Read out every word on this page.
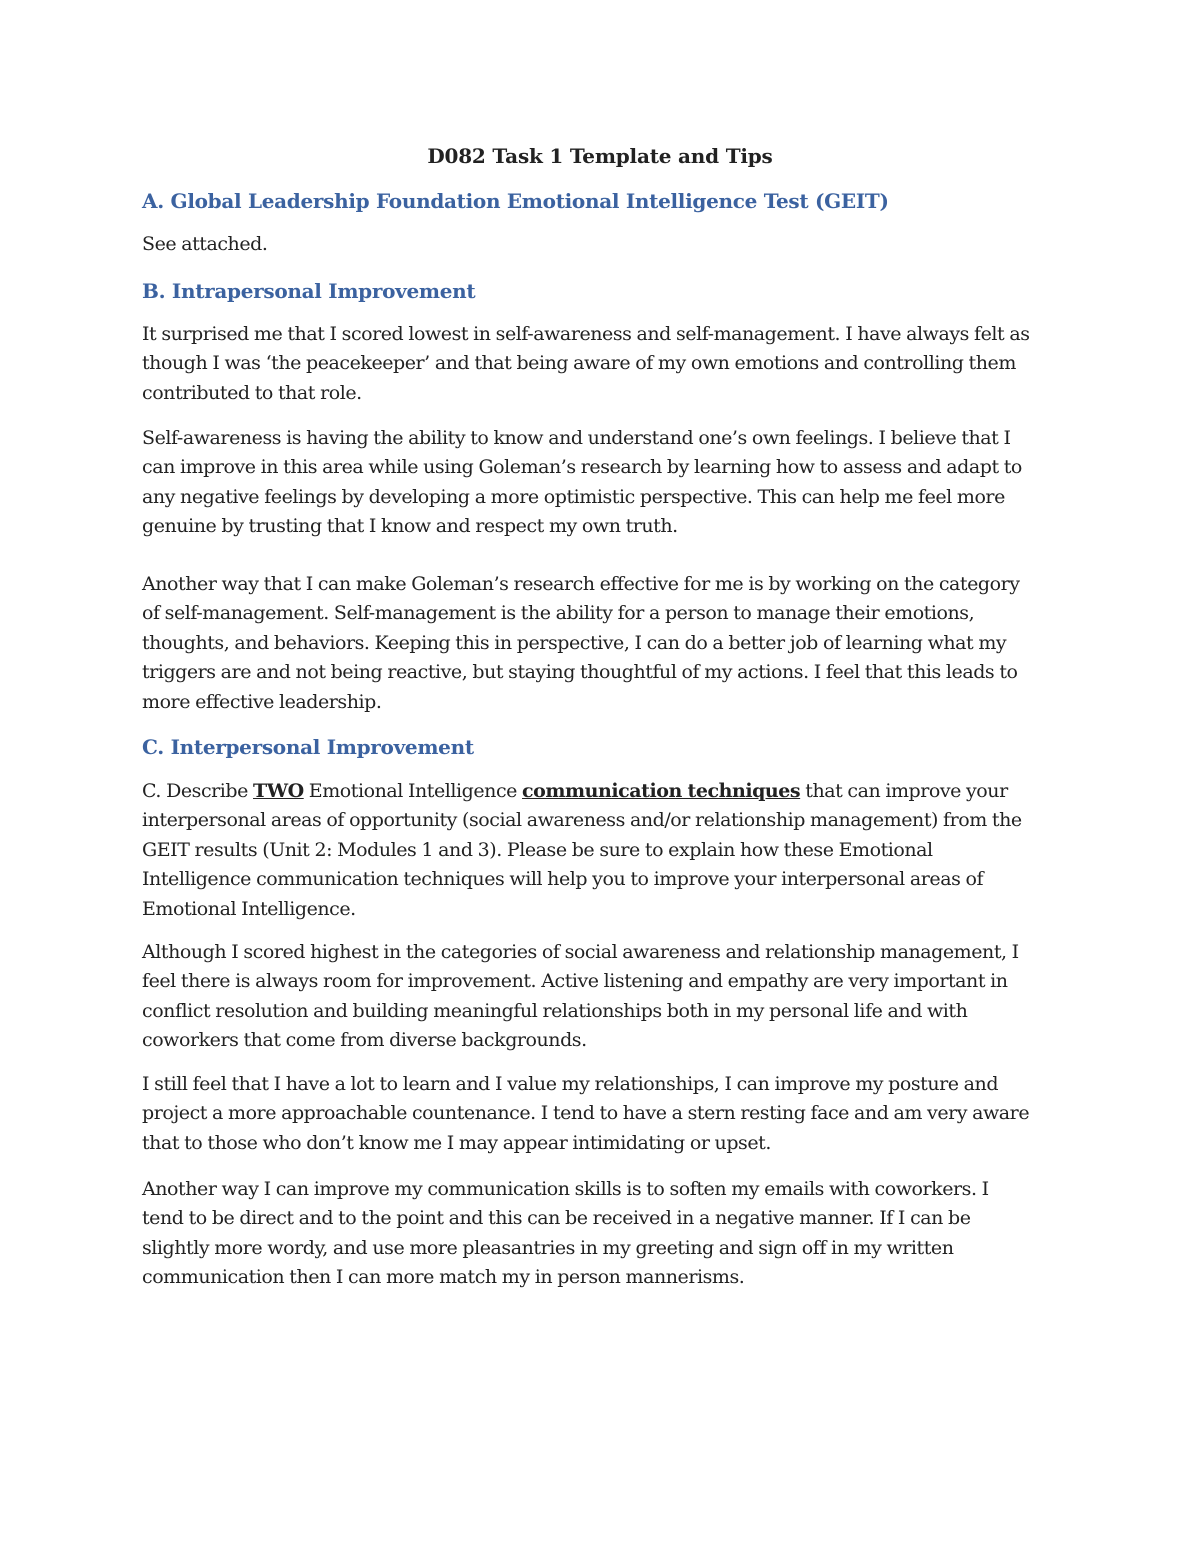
D082 Task 1 Template and Tips
A. Global Leadership Foundation Emotional Intelligence Test (GEIT)

See attached.

B. Intrapersonal Improvement

It surprised me that I scored lowest in self-awareness and self-management. I have always felt as
though I was ‘the peacekeeper’ and that being aware of my own emotions and controlling them
contributed to that role.

Self-awareness is having the ability to know and understand one’s own feelings. I believe that I
can improve in this area while using Goleman’s research by learning how to assess and adapt to
any negative feelings by developing a more optimistic perspective. This can help me feel more
genuine by trusting that I know and respect my own truth.

Another way that I can make Goleman’s research effective for me is by working on the category
of self-management. Self-management is the ability for a person to manage their emotions,
thoughts, and behaviors. Keeping this in perspective, I can do a better job of learning what my
triggers are and not being reactive, but staying thoughtful of my actions. I feel that this leads to
more effective leadership.

C. Interpersonal Improvement

C. Describe TWO Emotional Intelligence communication techniques that can improve your
interpersonal areas of opportunity (social awareness and/or relationship management) from the
GEIT results (Unit 2: Modules 1 and 3). Please be sure to explain how these Emotional
Intelligence communication techniques will help you to improve your interpersonal areas of
Emotional Intelligence.

Although I scored highest in the categories of social awareness and relationship management, I
feel there is always room for improvement. Active listening and empathy are very important in
conflict resolution and building meaningful relationships both in my personal life and with
coworkers that come from diverse backgrounds.

I still feel that I have a lot to learn and I value my relationships, I can improve my posture and
project a more approachable countenance. I tend to have a stern resting face and am very aware
that to those who don’t know me I may appear intimidating or upset.

Another way I can improve my communication skills is to soften my emails with coworkers. I
tend to be direct and to the point and this can be received in a negative manner. If I can be
slightly more wordy, and use more pleasantries in my greeting and sign off in my written
communication then I can more match my in person mannerisms.
